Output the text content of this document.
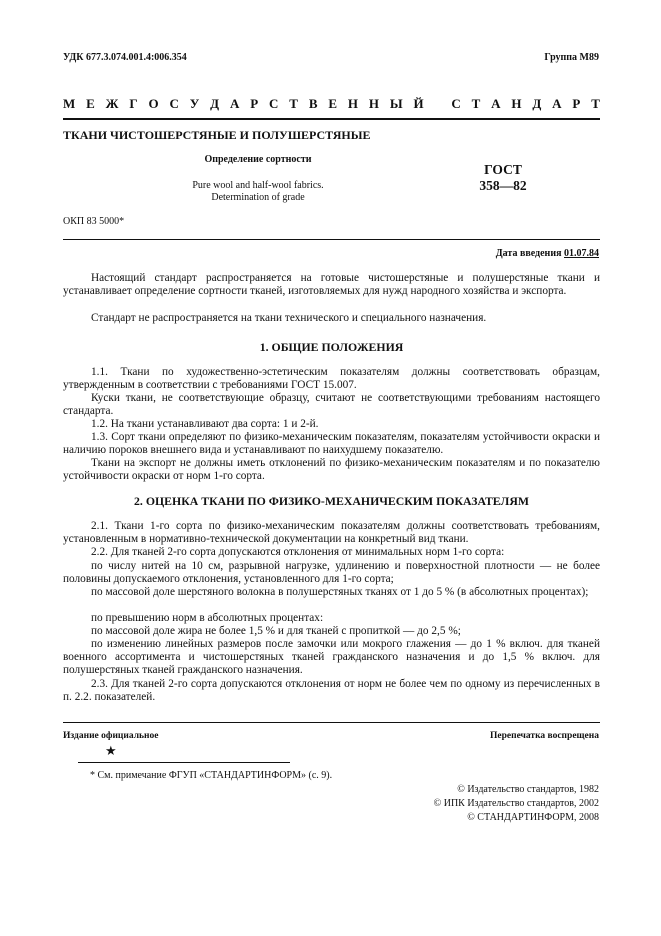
УДК 677.3.074.001.4:006.354	Группа М89
М Е Ж Г О С У Д А Р С Т В Е Н Н Ы Й С Т А Н Д А Р Т
ТКАНИ ЧИСТОШЕРСТЯНЫЕ И ПОЛУШЕРСТЯНЫЕ
Определение сортности
Pure wool and half-wool fabrics.
Determination of grade
ГОСТ
358—82
ОКП 83 5000*
Дата введения 01.07.84
Настоящий стандарт распространяется на готовые чистошерстяные и полушерстяные ткани и устанавливает определение сортности тканей, изготовляемых для нужд народного хозяйства и экспорта.
Стандарт не распространяется на ткани технического и специального назначения.
1. ОБЩИЕ ПОЛОЖЕНИЯ
1.1. Ткани по художественно-эстетическим показателям должны соответствовать образцам, утвержденным в соответствии с требованиями ГОСТ 15.007.
Куски ткани, не соответствующие образцу, считают не соответствующими требованиям настоящего стандарта.
1.2. На ткани устанавливают два сорта: 1 и 2-й.
1.3. Сорт ткани определяют по физико-механическим показателям, показателям устойчивости окраски и наличию пороков внешнего вида и устанавливают по наихудшему показателю.
Ткани на экспорт не должны иметь отклонений по физико-механическим показателям и по показателю устойчивости окраски от норм 1-го сорта.
2. ОЦЕНКА ТКАНИ ПО ФИЗИКО-МЕХАНИЧЕСКИМ ПОКАЗАТЕЛЯМ
2.1. Ткани 1-го сорта по физико-механическим показателям должны соответствовать требованиям, установленным в нормативно-технической документации на конкретный вид ткани.
2.2. Для тканей 2-го сорта допускаются отклонения от минимальных норм 1-го сорта:
по числу нитей на 10 см, разрывной нагрузке, удлинению и поверхностной плотности — не более половины допускаемого отклонения, установленного для 1-го сорта;
по массовой доле шерстяного волокна в полушерстяных тканях от 1 до 5 % (в абсолютных процентах);
по превышению норм в абсолютных процентах:
по массовой доле жира не более 1,5 % и для тканей с пропиткой — до 2,5 %;
по изменению линейных размеров после замочки или мокрого глажения — до 1 % включ. для тканей военного ассортимента и чистошерстяных тканей гражданского назначения и до 1,5 % включ. для полушерстяных тканей гражданского назначения.
2.3. Для тканей 2-го сорта допускаются отклонения от норм не более чем по одному из перечисленных в п. 2.2. показателей.
Издание официальное	Перепечатка воспрещена
★
* См. примечание ФГУП «СТАНДАРТИНФОРМ» (с. 9).
© Издательство стандартов, 1982
© ИПК Издательство стандартов, 2002
© СТАНДАРТИНФОРМ, 2008
